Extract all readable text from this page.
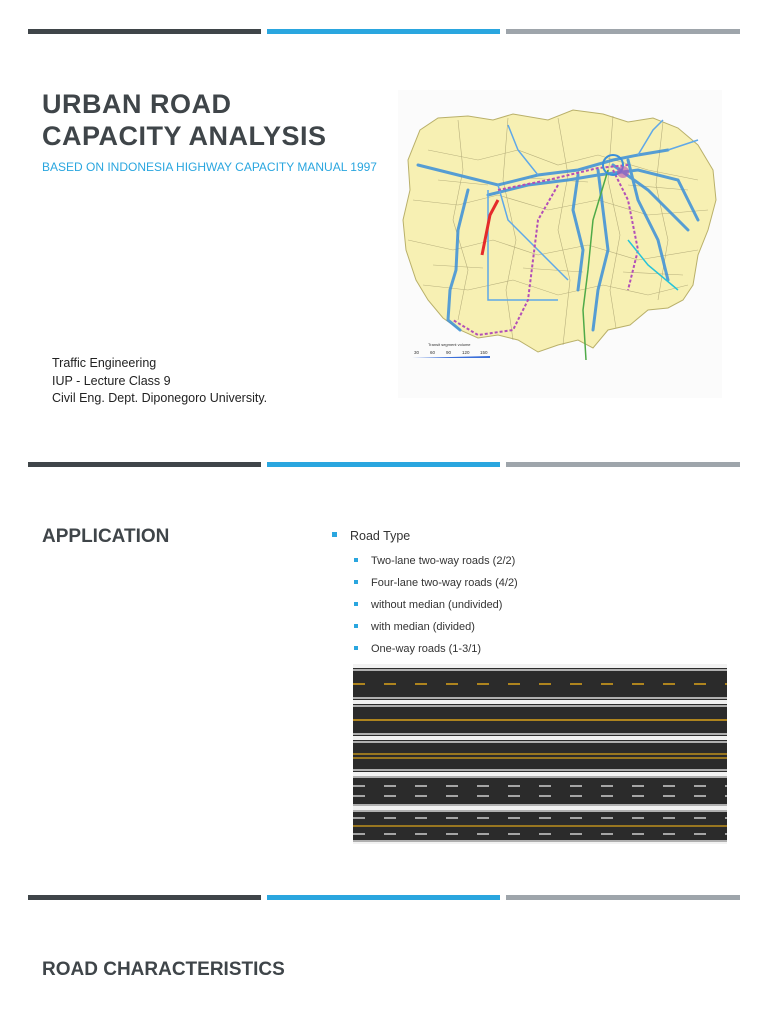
URBAN ROAD
CAPACITY ANALYSIS
BASED ON INDONESIA HIGHWAY CAPACITY MANUAL 1997
Traffic Engineering
IUP - Lecture Class 9
Civil Eng. Dept. Diponegoro University.
Transit segment volume
30 60 90 120 150
APPLICATION	Road Type
Two-lane two-way roads (2/2)
Four-lane two-way roads (4/2)
without median (undivided)
with median (divided)
One-way roads (1-3/1)
ROAD CHARACTERISTICS
